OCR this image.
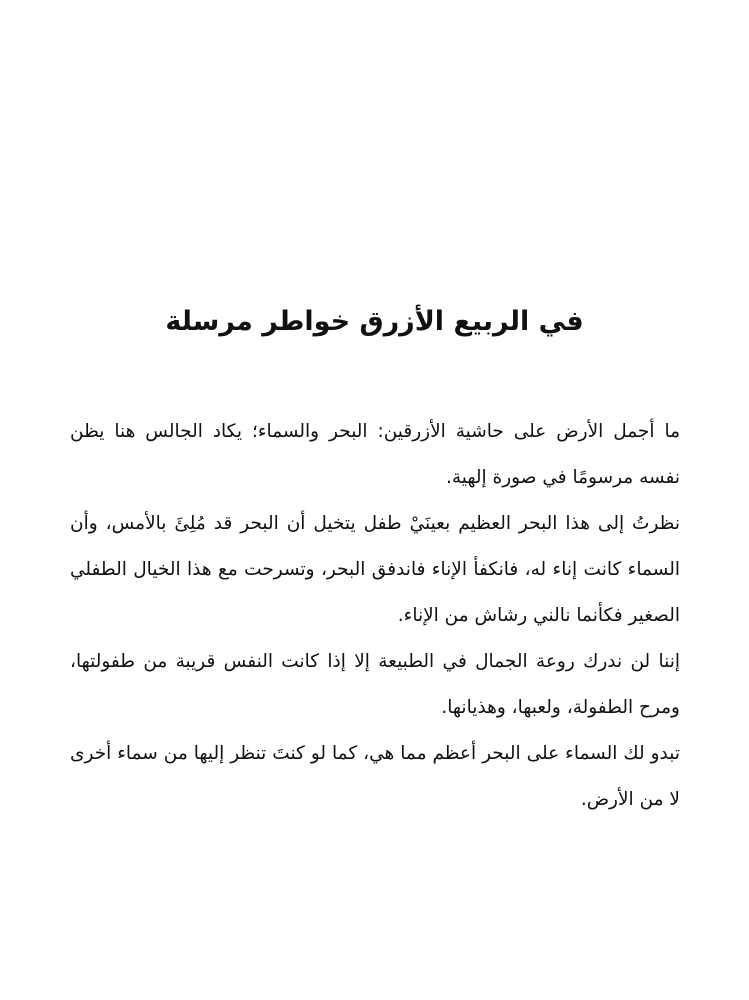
في الربيع الأزرق خواطر مرسلة

ما أجمل الأرض على حاشية الأزرقين: البحر والسماء؛ يكاد الجالس هنا يظن نفسه مرسومًا في صورة إلهية.

نظرتُ إلى هذا البحر العظيم بعينَيْ طفل يتخيل أن البحر قد مُلِئَ بالأمس، وأن السماء كانت إناء له، فانكفأ الإناء فاندفق البحر، وتسرحت مع هذا الخيال الطفلي الصغير فكأنما نالني رشاش من الإناء.

إننا لن ندرك روعة الجمال في الطبيعة إلا إذا كانت النفس قريبة من طفولتها، ومرح الطفولة، ولعبها، وهذيانها.

تبدو لك السماء على البحر أعظم مما هي، كما لو كنتَ تنظر إليها من سماء أخرى لا من الأرض.
